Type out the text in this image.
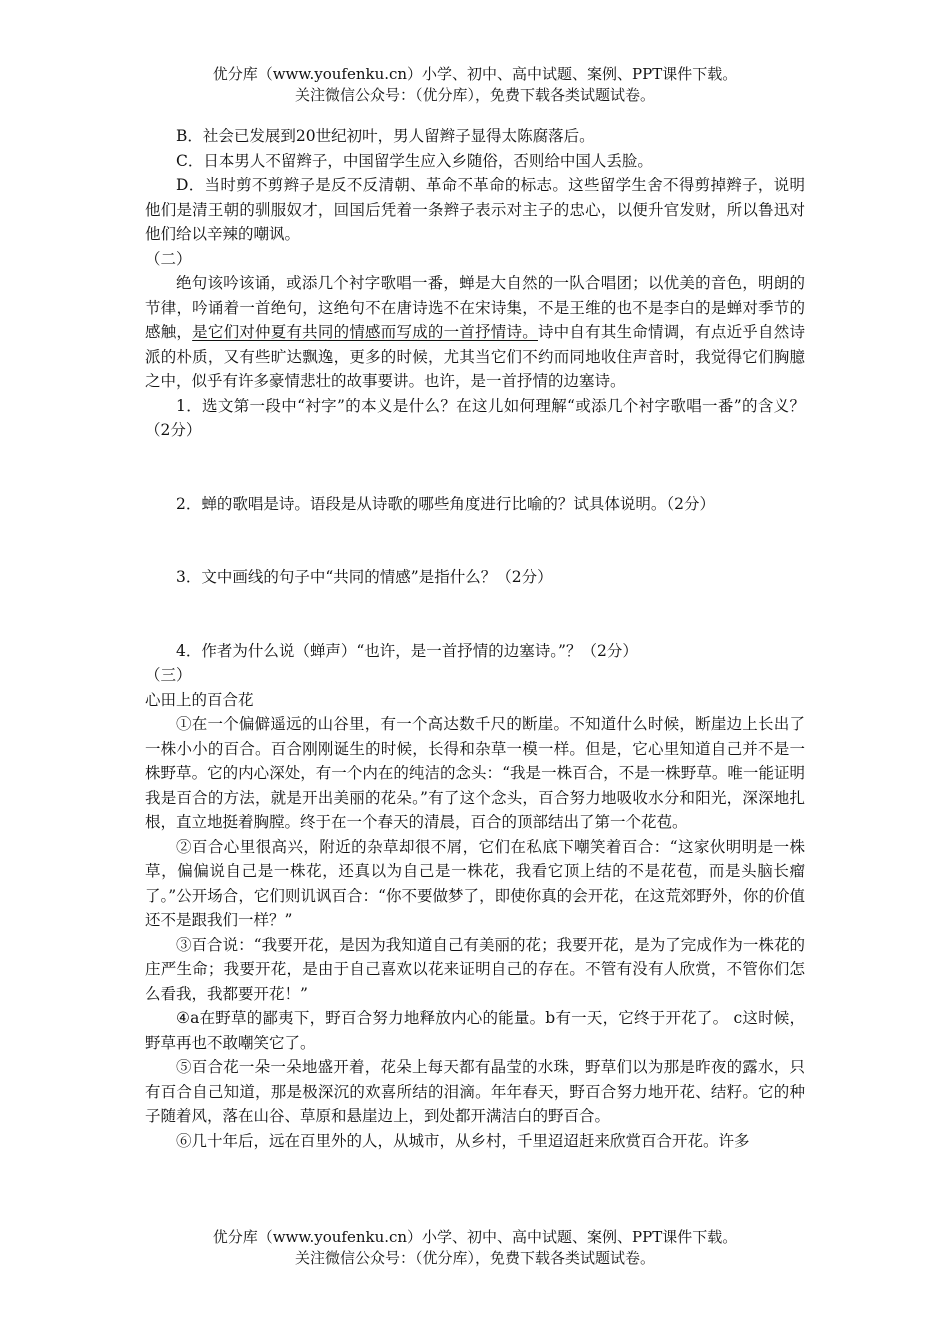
优分库（www.youfenku.cn）小学、初中、高中试题、案例、PPT课件下载。
关注微信公众号：（优分库），免费下载各类试题试卷。

B．社会已发展到20世纪初叶，男人留辫子显得太陈腐落后。

C．日本男人不留辫子，中国留学生应入乡随俗，否则给中国人丢脸。

D．当时剪不剪辫子是反不反清朝、革命不革命的标志。这些留学生舍不得剪掉辫子，说明他们是清王朝的驯服奴才，回国后凭着一条辫子表示对主子的忠心，以便升官发财，所以鲁迅对他们给以辛辣的嘲讽。

（二）

绝句该吟该诵，或添几个衬字歌唱一番，蝉是大自然的一队合唱团；以优美的音色，明朗的节律，吟诵着一首绝句，这绝句不在唐诗选不在宋诗集，不是王维的也不是李白的是蝉对季节的感触，是它们对仲夏有共同的情感而写成的一首抒情诗。诗中自有其生命情调，有点近乎自然诗派的朴质，又有些旷达飘逸，更多的时候，尤其当它们不约而同地收住声音时，我觉得它们胸臆之中，似乎有许多豪情悲壮的故事要讲。也许，是一首抒情的边塞诗。

1．选文第一段中“衬字”的本义是什么？在这儿如何理解“或添几个衬字歌唱一番”的含义？（2分）

2．蝉的歌唱是诗。语段是从诗歌的哪些角度进行比喻的？试具体说明。（2分）

3．文中画线的句子中“共同的情感”是指什么？（2分）

4．作者为什么说（蝉声）“也许，是一首抒情的边塞诗。”？（2分）

（三）

心田上的百合花

①在一个偏僻遥远的山谷里，有一个高达数千尺的断崖。不知道什么时候，断崖边上长出了一株小小的百合。百合刚刚诞生的时候，长得和杂草一模一样。但是，它心里知道自己并不是一株野草。它的内心深处，有一个内在的纯洁的念头：“我是一株百合，不是一株野草。唯一能证明我是百合的方法，就是开出美丽的花朵。”有了这个念头，百合努力地吸收水分和阳光，深深地扎根，直立地挺着胸膛。终于在一个春天的清晨，百合的顶部结出了第一个花苞。

②百合心里很高兴，附近的杂草却很不屑，它们在私底下嘲笑着百合：“这家伙明明是一株草，偏偏说自己是一株花，还真以为自己是一株花，我看它顶上结的不是花苞，而是头脑长瘤了。”公开场合，它们则讥讽百合：“你不要做梦了，即使你真的会开花，在这荒郊野外，你的价值还不是跟我们一样？”

③百合说：“我要开花，是因为我知道自己有美丽的花；我要开花，是为了完成作为一株花的庄严生命；我要开花，是由于自己喜欢以花来证明自己的存在。不管有没有人欣赏，不管你们怎么看我，我都要开花！”

④a在野草的鄙夷下，野百合努力地释放内心的能量。b有一天，它终于开花了。 c这时候，野草再也不敢嘲笑它了。

⑤百合花一朵一朵地盛开着，花朵上每天都有晶莹的水珠，野草们以为那是昨夜的露水，只有百合自己知道，那是极深沉的欢喜所结的泪滴。年年春天，野百合努力地开花、结籽。它的种子随着风，落在山谷、草原和悬崖边上，到处都开满洁白的野百合。

⑥几十年后，远在百里外的人，从城市，从乡村，千里迢迢赶来欣赏百合开花。许多

优分库（www.youfenku.cn）小学、初中、高中试题、案例、PPT课件下载。
关注微信公众号：（优分库），免费下载各类试题试卷。
